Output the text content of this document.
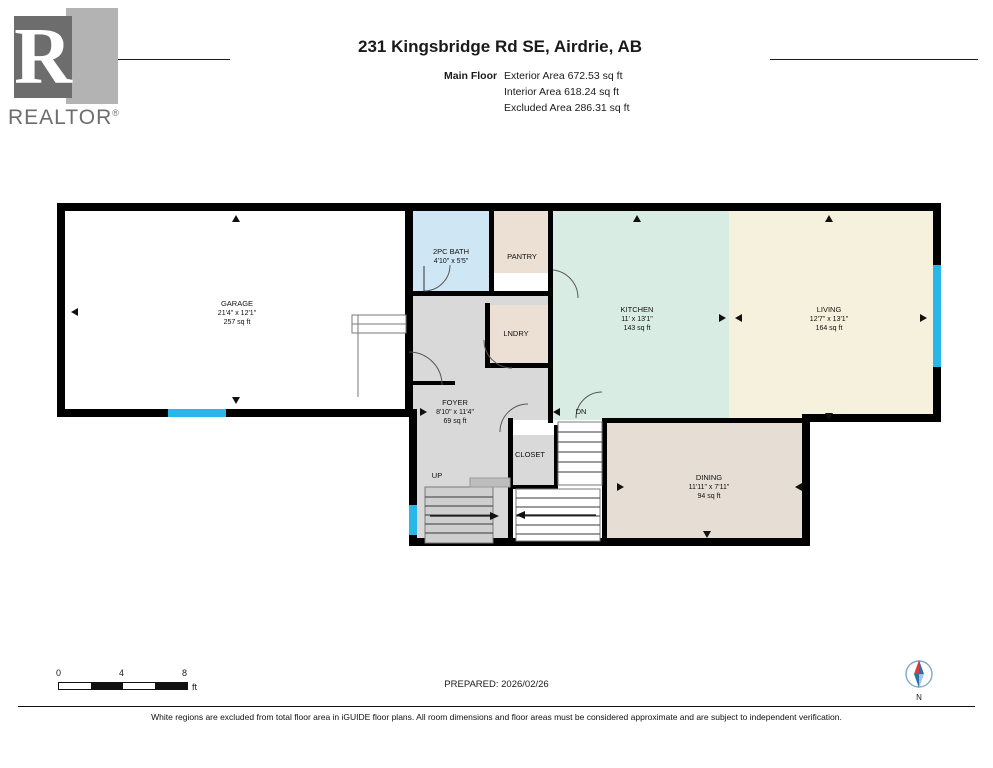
R
REALTOR®
231 Kingsbridge Rd SE, Airdrie, AB
Main Floor Exterior Area 672.53 sq ft
Interior Area 618.24 sq ft
Excluded Area 286.31 sq ft
GARAGE
21'4" x 12'1"
257 sq ft
2PC BATH
4'10" x 5'5"
PANTRY
LNDRY
KITCHEN
11' x 13'1"
143 sq ft
LIVING
12'7" x 13'1"
164 sq ft
FOYER
8'10" x 11'4"
69 sq ft
DN
CLOSET
UP	DINING
11'11" x 7'11"
94 sq ft
0	4	8
ft	PREPARED: 2026/02/26
N
White regions are excluded from total floor area in iGUIDE floor plans. All room dimensions and floor areas must be considered approximate and are subject to independent verification.
